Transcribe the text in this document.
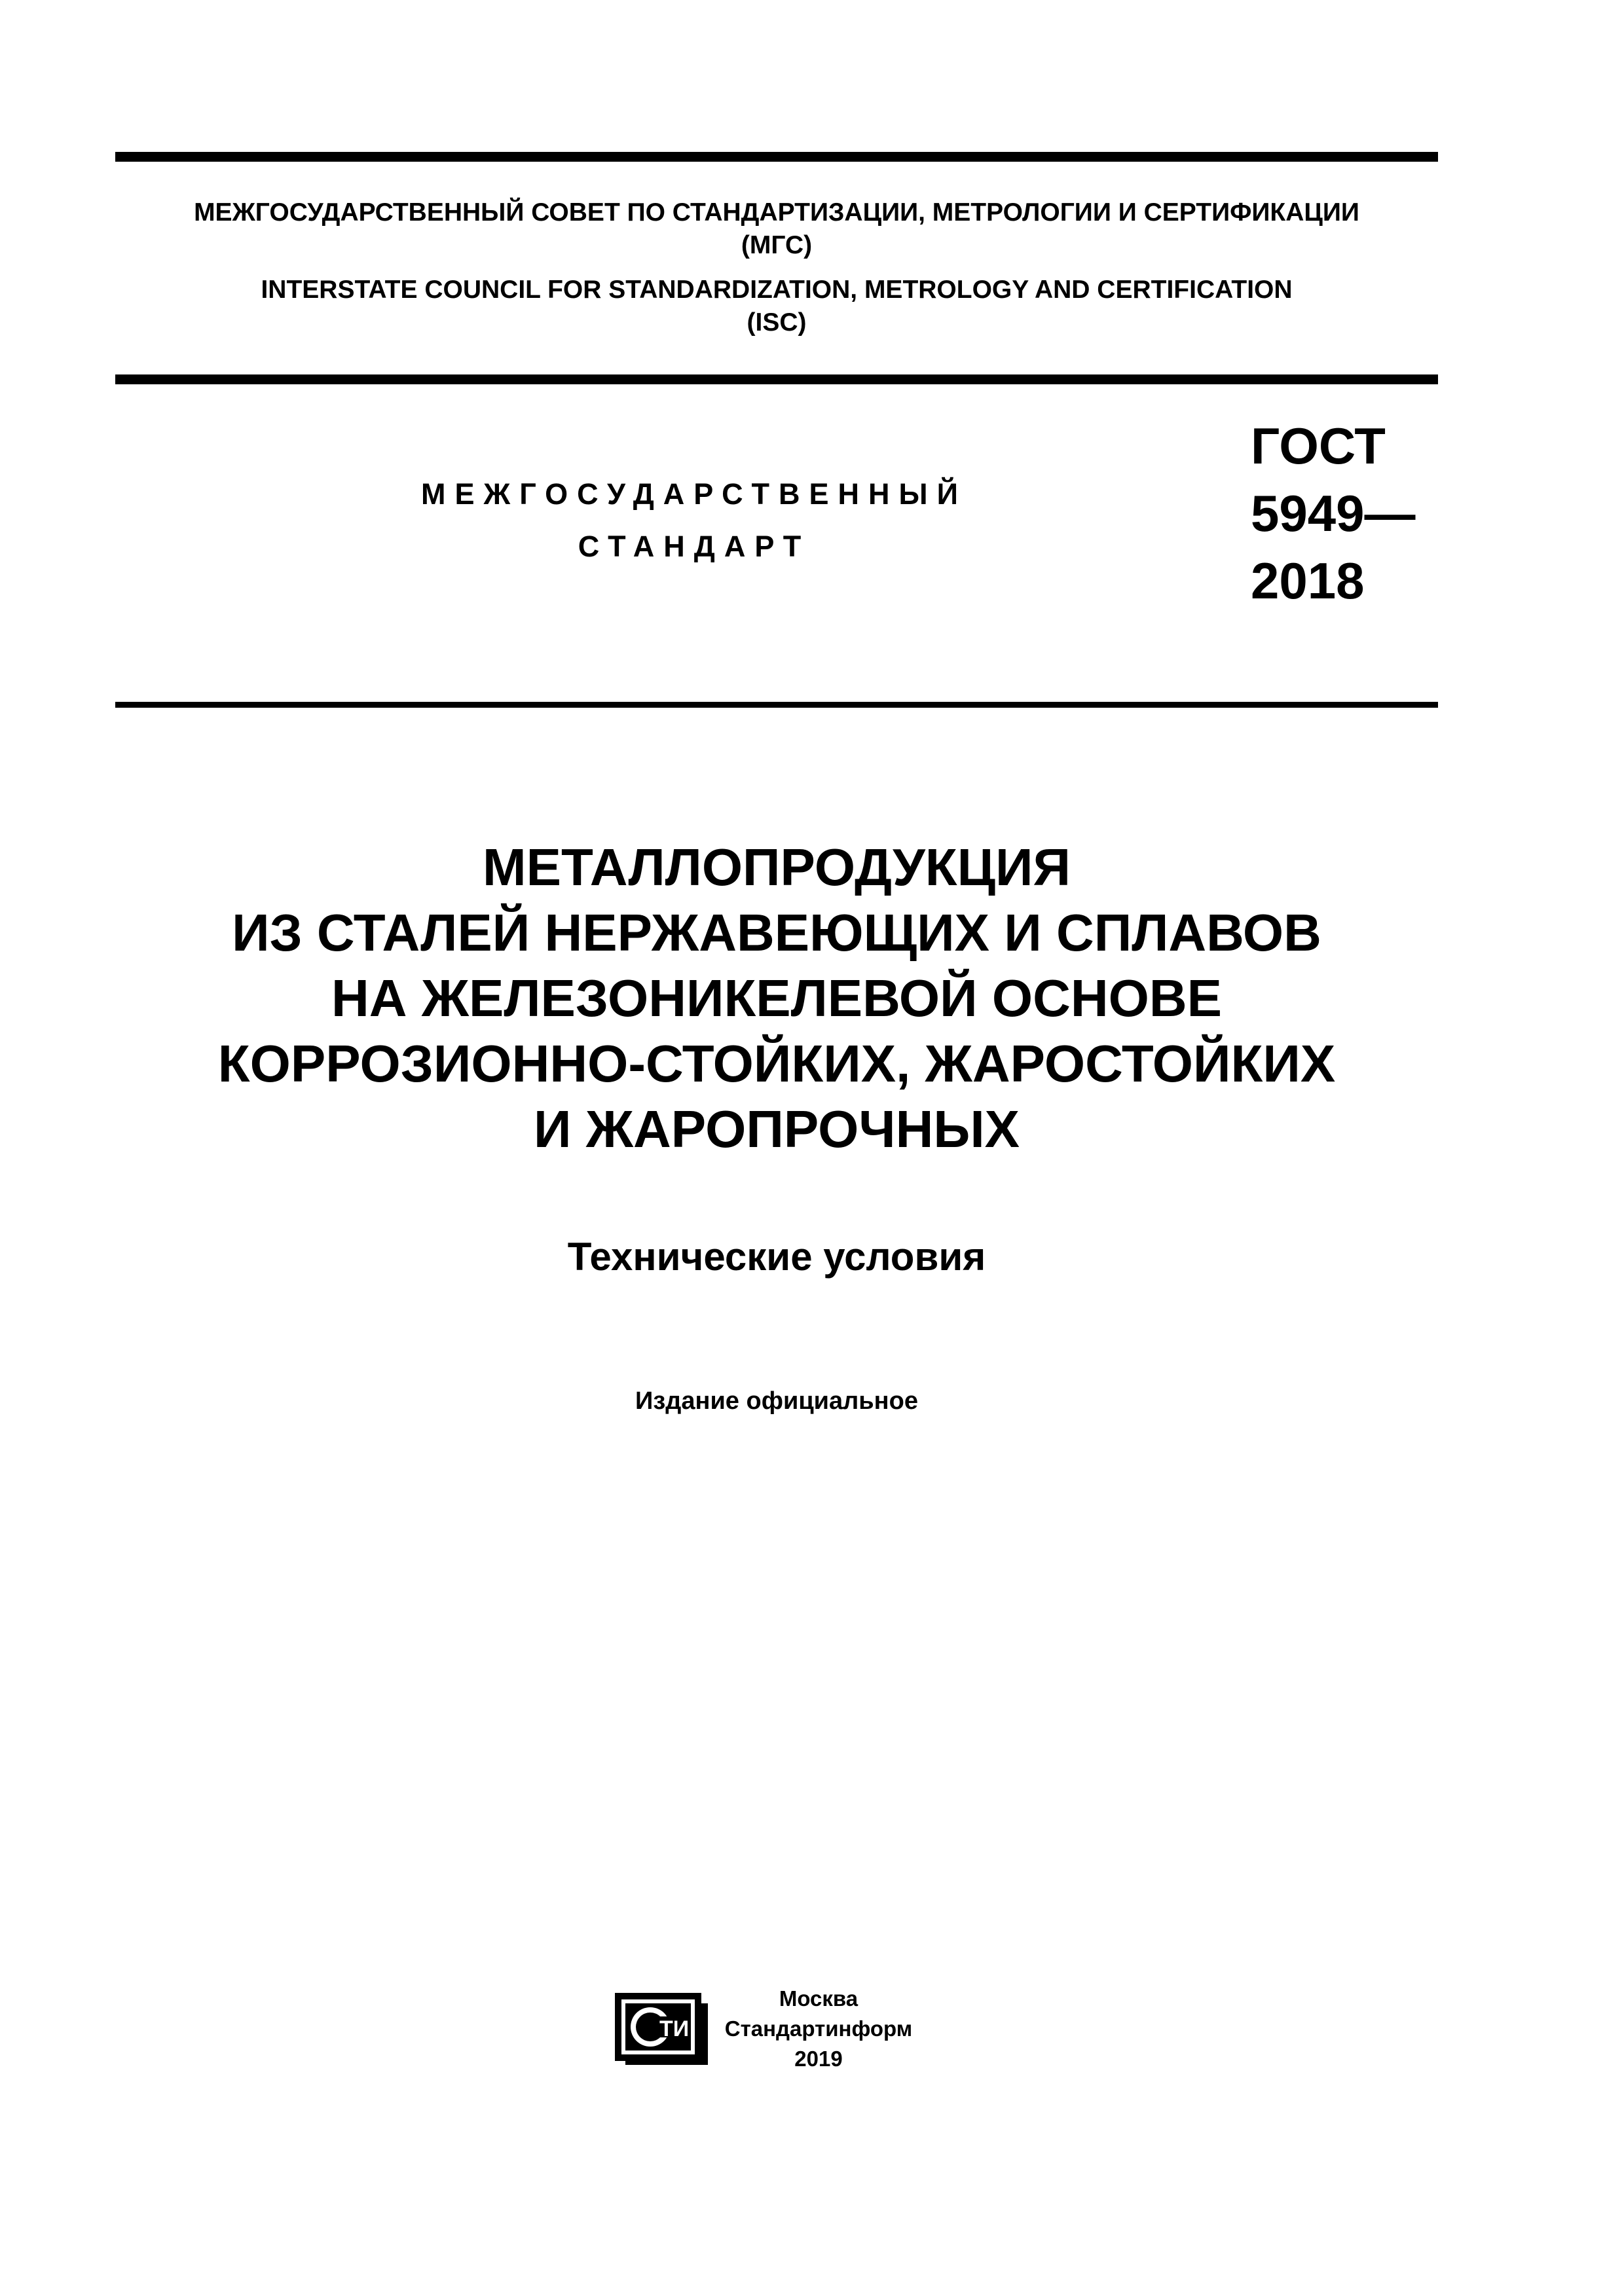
МЕЖГОСУДАРСТВЕННЫЙ СОВЕТ ПО СТАНДАРТИЗАЦИИ, МЕТРОЛОГИИ И СЕРТИФИКАЦИИ
(МГС)
INTERSTATE COUNCIL FOR STANDARDIZATION, METROLOGY AND CERTIFICATION
(ISC)
МЕЖГОСУДАРСТВЕННЫЙ
СТАНДАРТ
ГОСТ
5949—
2018
МЕТАЛЛОПРОДУКЦИЯ
ИЗ СТАЛЕЙ НЕРЖАВЕЮЩИХ И СПЛАВОВ
НА ЖЕЛЕЗОНИКЕЛЕВОЙ ОСНОВЕ
КОРРОЗИОННО-СТОЙКИХ, ЖАРОСТОЙКИХ
И ЖАРОПРОЧНЫХ
Технические условия
Издание официальное
ТИ
Москва
Стандартинформ
2019
